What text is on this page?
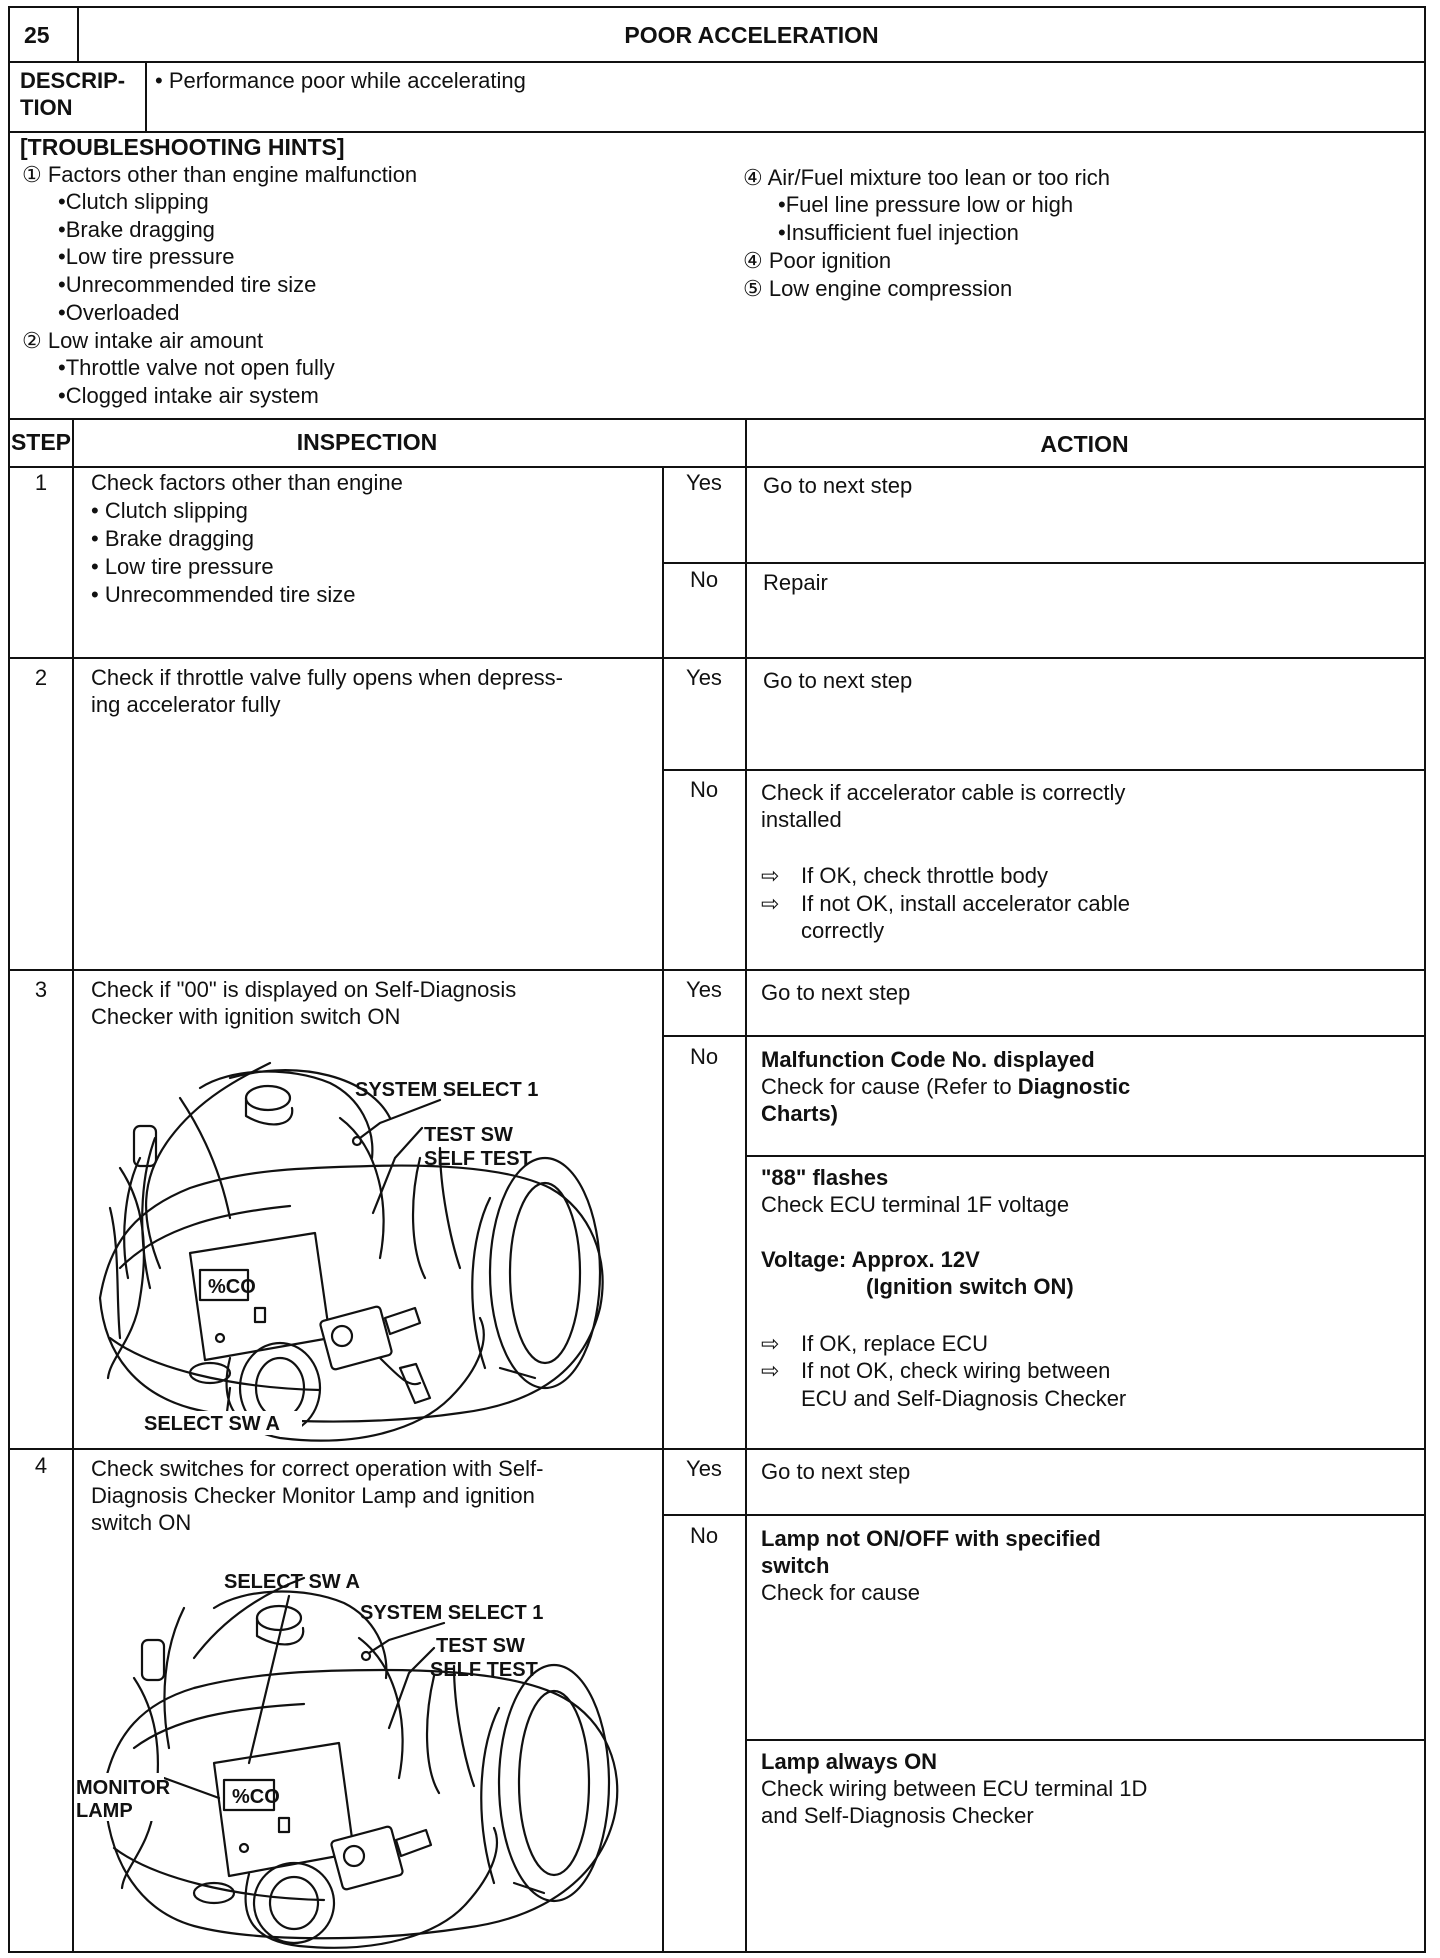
25	POOR ACCELERATION
DESCRIP-
TION
• Performance poor while accelerating
[TROUBLESHOOTING HINTS]
① Factors other than engine malfunction
•Clutch slipping
•Brake dragging
•Low tire pressure
•Unrecommended tire size
•Overloaded
② Low intake air amount
•Throttle valve not open fully
•Clogged intake air system
④ Air/Fuel mixture too lean or too rich
•Fuel line pressure low or high
•Insufficient fuel injection
④ Poor ignition
⑤ Low engine compression
STEP	INSPECTION	ACTION
1	Check factors other than engine
• Clutch slipping
• Brake dragging
• Low tire pressure
• Unrecommended tire size
Yes	Go to next step
No	Repair
2	Check if throttle valve fully opens when depress-
ing accelerator fully
Yes	Go to next step
No	Check if accelerator cable is correctly
installed
⇨ If OK, check throttle body
⇨ If not OK, install accelerator cable
correctly
3	Check if "00" is displayed on Self-Diagnosis
Checker with ignition switch ON
%CO
SYSTEM SELECT 1
TEST SW
SELF TEST
SELECT SW A
Yes	Go to next step
No	Malfunction Code No. displayed
Check for cause (Refer to Diagnostic
Charts)
"88" flashes
Check ECU terminal 1F voltage
Voltage: Approx. 12V
(Ignition switch ON)
⇨ If OK, replace ECU
⇨ If not OK, check wiring between
ECU and Self-Diagnosis Checker
4	Check switches for correct operation with Self-
Diagnosis Checker Monitor Lamp and ignition
switch ON
%CO
SELECT SW A
SYSTEM SELECT 1
TEST SW
SELF TEST
MONITOR
LAMP
Yes	Go to next step
No	Lamp not ON/OFF with specified
switch
Check for cause
Lamp always ON
Check wiring between ECU terminal 1D
and Self-Diagnosis Checker
